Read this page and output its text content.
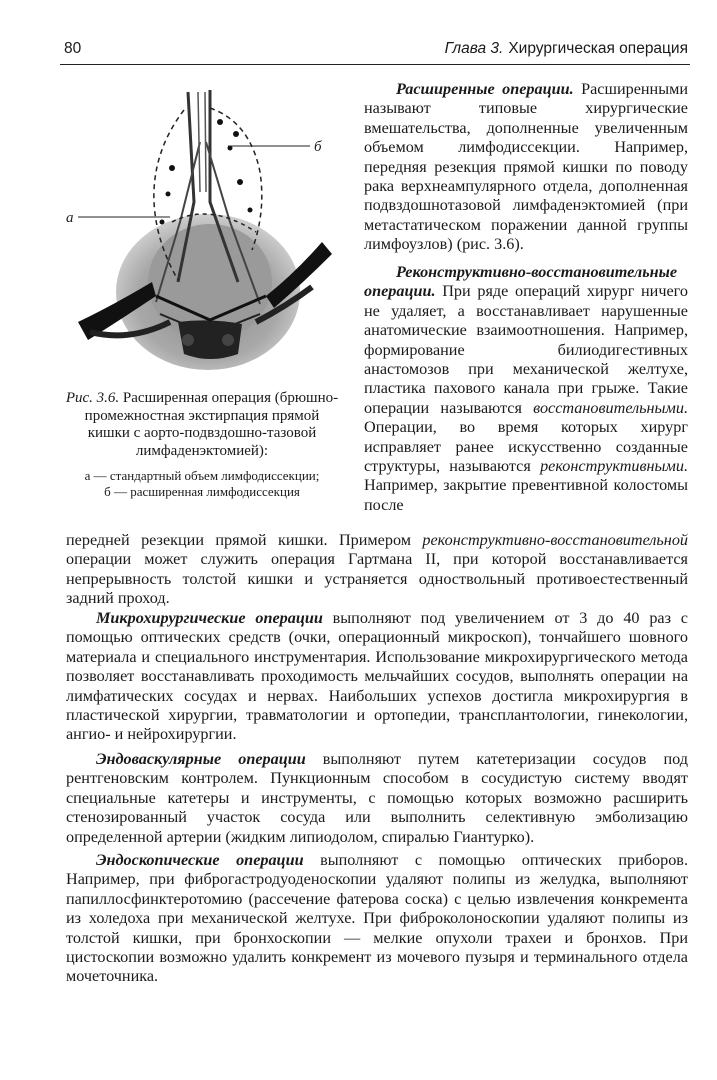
80	Глава 3. Хирургическая операция
а
б
Рис. 3.6. Расширенная операция (брюшно-промежностная экстирпация прямой кишки с аорто-подвздошно-тазовой лимфаденэктомией):
а — стандартный объем лимфодиссекции;
б — расширенная лимфодиссекция

Расширенные операции. Расширенными называют типовые хирургические вмешательства, дополненные увеличенным объемом лимфодиссекции. Например, передняя резекция прямой кишки по поводу рака верхнеампулярного отдела, дополненная подвздошнотазовой лимфаденэктомией (при метастатическом поражении данной группы лимфоузлов) (рис. 3.6).

Реконструктивно-восстановительные операции. При ряде операций хирург ничего не удаляет, а восстанавливает нарушенные анатомические взаимоотношения. Например, формирование билиодигестивных анастомозов при механической желтухе, пластика пахового канала при грыже. Такие операции называются восстановительными. Операции, во время которых хирург исправляет ранее искусственно созданные структуры, называются реконструктивными. Например, закрытие превентивной колостомы после

передней резекции прямой кишки. Примером реконструктивно-восстановительной операции может служить операция Гартмана II, при которой восстанавливается непрерывность толстой кишки и устраняется одноствольный противоестественный задний проход.

Микрохирургические операции выполняют под увеличением от 3 до 40 раз с помощью оптических средств (очки, операционный микроскоп), тончайшего шовного материала и специального инструментария. Использование микрохирургического метода позволяет восстанавливать проходимость мельчайших сосудов, выполнять операции на лимфатических сосудах и нервах. Наибольших успехов достигла микрохирургия в пластической хирургии, травматологии и ортопедии, трансплантологии, гинекологии, ангио- и нейрохирургии.

Эндоваскулярные операции выполняют путем катетеризации сосудов под рентгеновским контролем. Пункционным способом в сосудистую систему вводят специальные катетеры и инструменты, с помощью которых возможно расширить стенозированный участок сосуда или выполнить селективную эмболизацию определенной артерии (жидким липиодолом, спиралью Гиантурко).

Эндоскопические операции выполняют с помощью оптических приборов. Например, при фиброгастродуоденоскопии удаляют полипы из желудка, выполняют папиллосфинктеротомию (рассечение фатерова соска) с целью извлечения конкремента из холедоха при механической желтухе. При фиброколоноскопии удаляют полипы из толстой кишки, при бронхоскопии — мелкие опухоли трахеи и бронхов. При цистоскопии возможно удалить конкремент из мочевого пузыря и терминального отдела мочеточника.
